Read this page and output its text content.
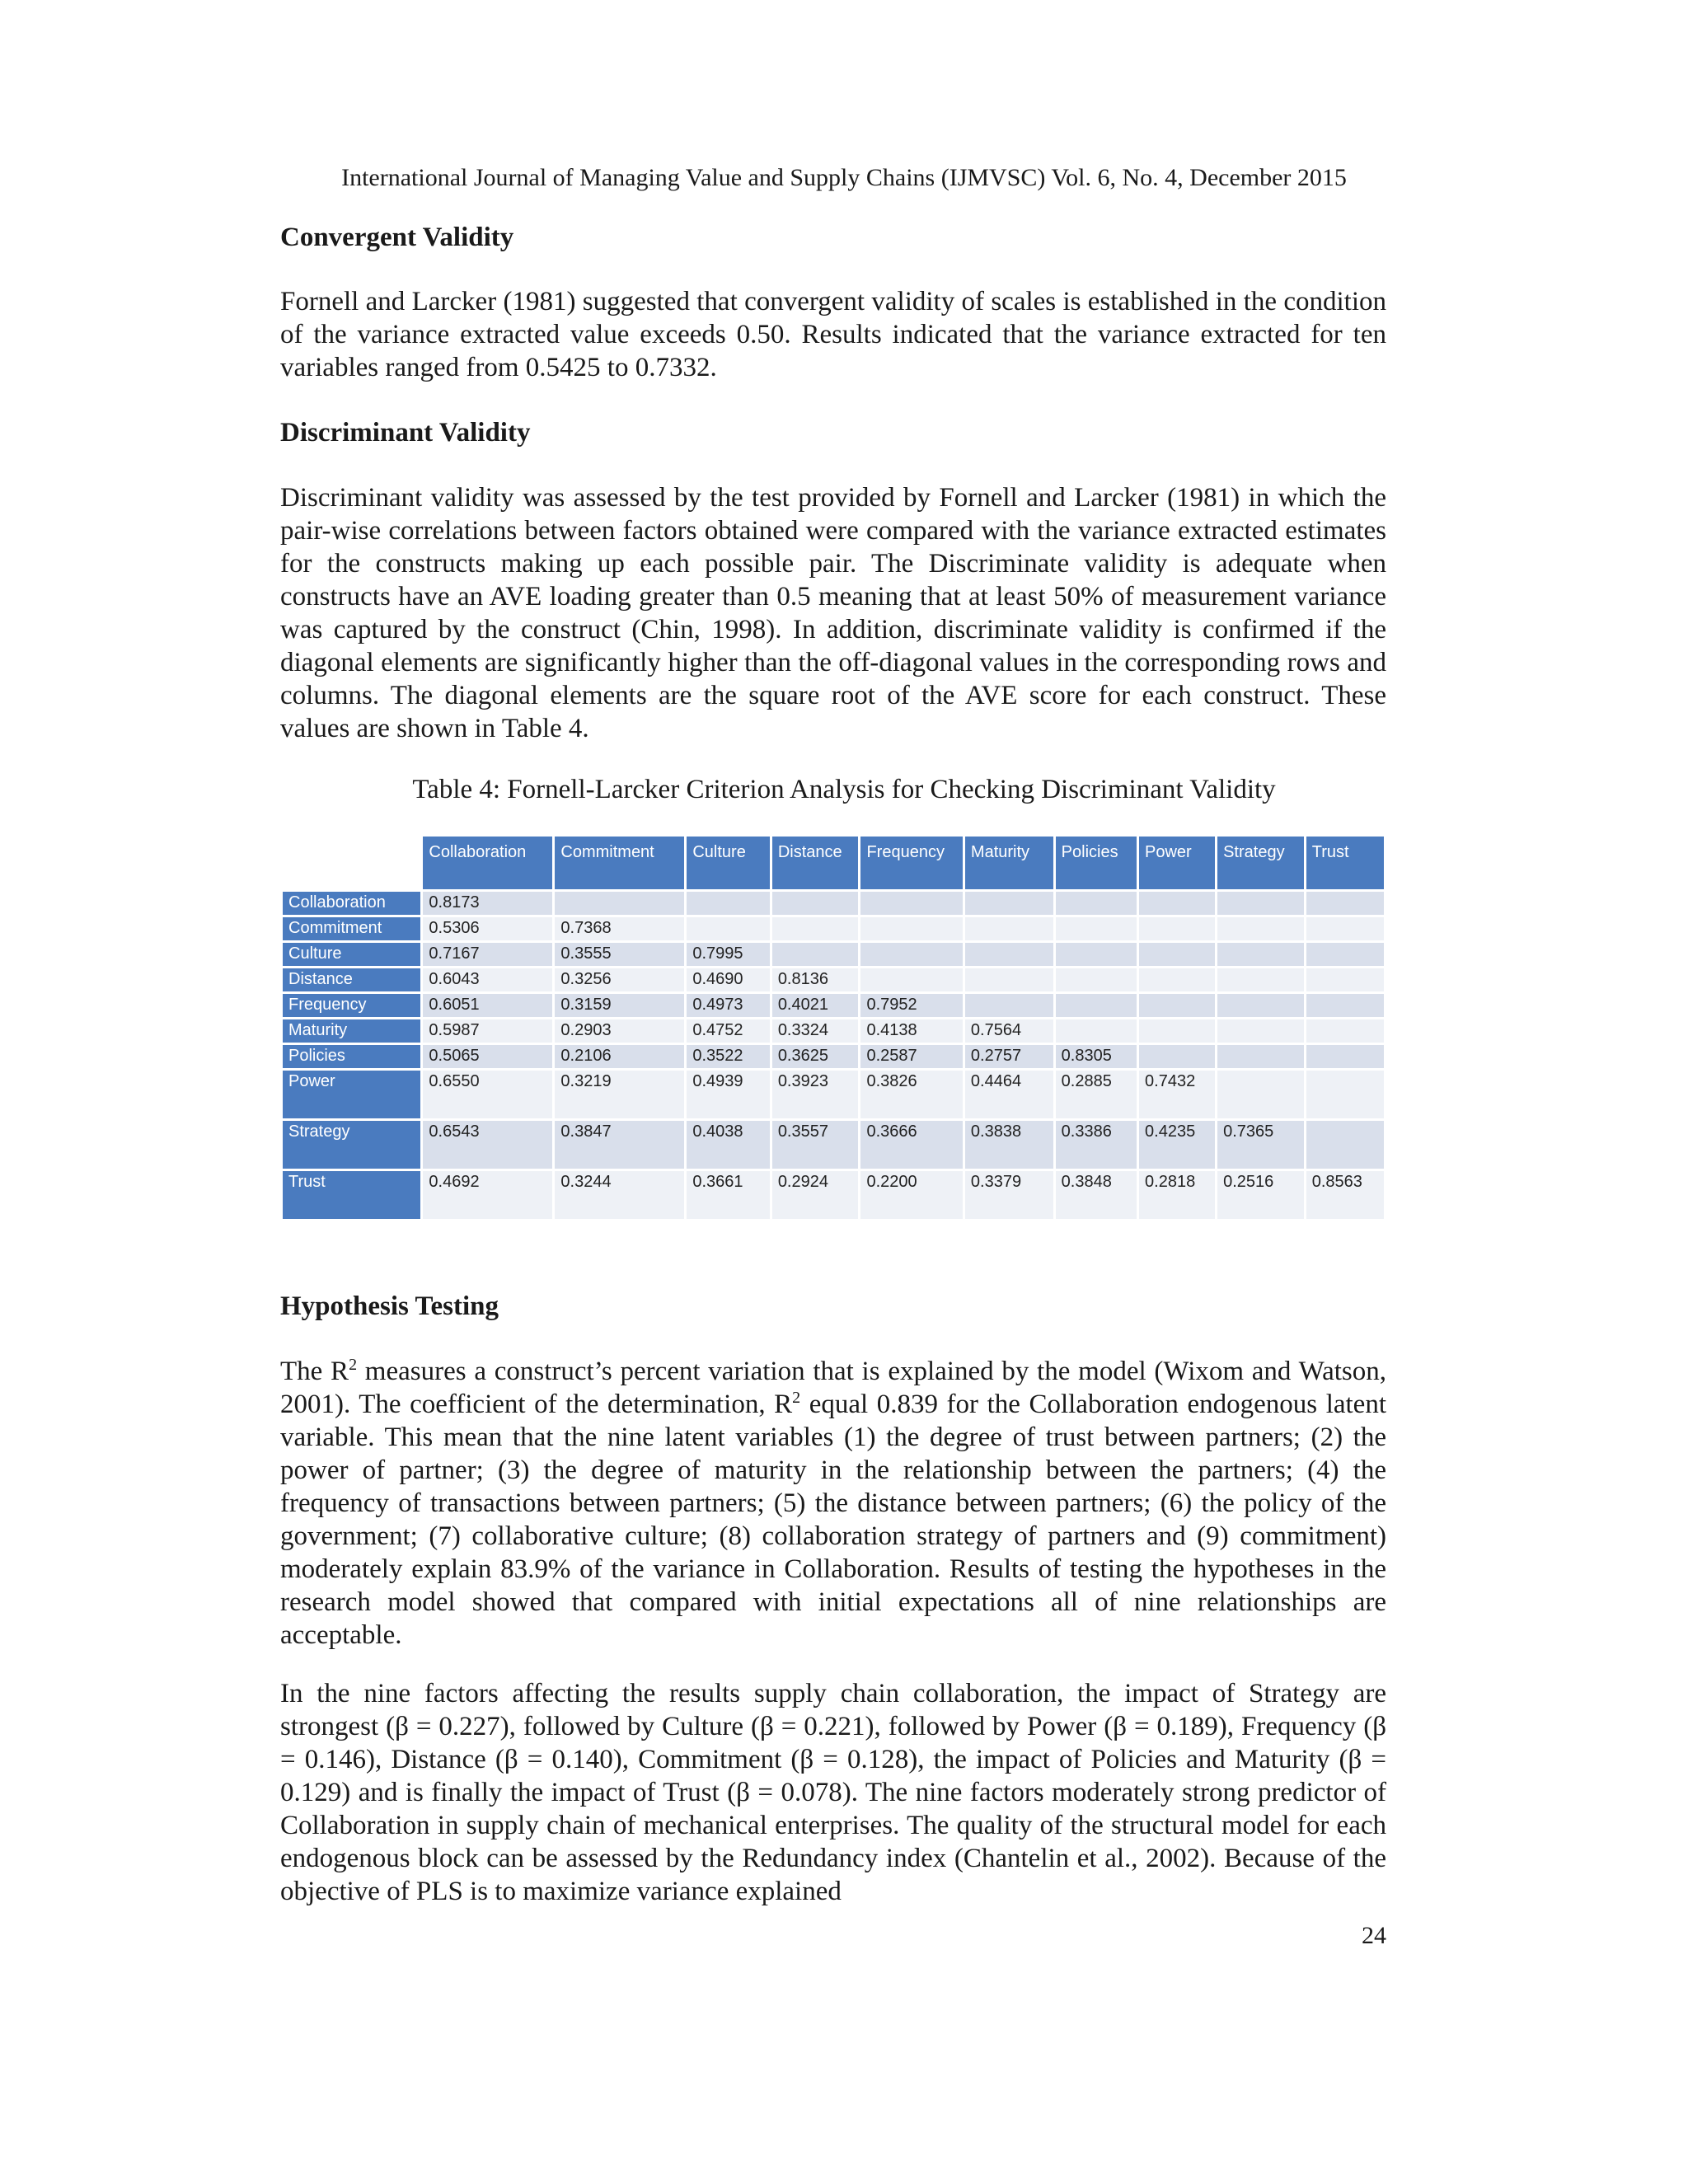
International Journal of Managing Value and Supply Chains (IJMVSC) Vol. 6, No. 4, December 2015
Convergent Validity

Fornell and Larcker (1981) suggested that convergent validity of scales is established in the condition of the variance extracted value exceeds 0.50. Results indicated that the variance extracted for ten variables ranged from 0.5425 to 0.7332.

Discriminant Validity

Discriminant validity was assessed by the test provided by Fornell and Larcker (1981) in which the pair-wise correlations between factors obtained were compared with the variance extracted estimates for the constructs making up each possible pair. The Discriminate validity is adequate when constructs have an AVE loading greater than 0.5 meaning that at least 50% of measurement variance was captured by the construct (Chin, 1998). In addition, discriminate validity is confirmed if the diagonal elements are significantly higher than the off-diagonal values in the corresponding rows and columns. The diagonal elements are the square root of the AVE score for each construct. These values are shown in Table 4.

Table 4: Fornell-Larcker Criterion Analysis for Checking Discriminant Validity
	Collaboration	Commitment	Culture	Distance	Frequency	Maturity	Policies	Power	Strategy	Trust
Collaboration	0.8173									
Commitment	0.5306	0.7368								
Culture	0.7167	0.3555	0.7995							
Distance	0.6043	0.3256	0.4690	0.8136						
Frequency	0.6051	0.3159	0.4973	0.4021	0.7952					
Maturity	0.5987	0.2903	0.4752	0.3324	0.4138	0.7564				
Policies	0.5065	0.2106	0.3522	0.3625	0.2587	0.2757	0.8305			
Power	0.6550	0.3219	0.4939	0.3923	0.3826	0.4464	0.2885	0.7432		
Strategy	0.6543	0.3847	0.4038	0.3557	0.3666	0.3838	0.3386	0.4235	0.7365	
Trust	0.4692	0.3244	0.3661	0.2924	0.2200	0.3379	0.3848	0.2818	0.2516	0.8563
Hypothesis Testing

The $R^2$ measures a construct’s percent variation that is explained by the model (Wixom and Watson, 2001). The coefficient of the determination, $R^2$ equal 0.839 for the Collaboration endogenous latent variable. This mean that the nine latent variables (1) the degree of trust between partners; (2) the power of partner; (3) the degree of maturity in the relationship between the partners; (4) the frequency of transactions between partners; (5) the distance between partners; (6) the policy of the government; (7) collaborative culture; (8) collaboration strategy of partners and (9) commitment) moderately explain 83.9% of the variance in Collaboration. Results of testing the hypotheses in the research model showed that compared with initial expectations all of nine relationships are acceptable.

In the nine factors affecting the results supply chain collaboration, the impact of Strategy are strongest (β = 0.227), followed by Culture (β = 0.221), followed by Power (β = 0.189), Frequency (β = 0.146), Distance (β = 0.140), Commitment (β = 0.128), the impact of Policies and Maturity (β = 0.129) and is finally the impact of Trust (β = 0.078). The nine factors moderately strong predictor of Collaboration in supply chain of mechanical enterprises. The quality of the structural model for each endogenous block can be assessed by the Redundancy index (Chantelin et al., 2002). Because of the objective of PLS is to maximize variance explained

24
